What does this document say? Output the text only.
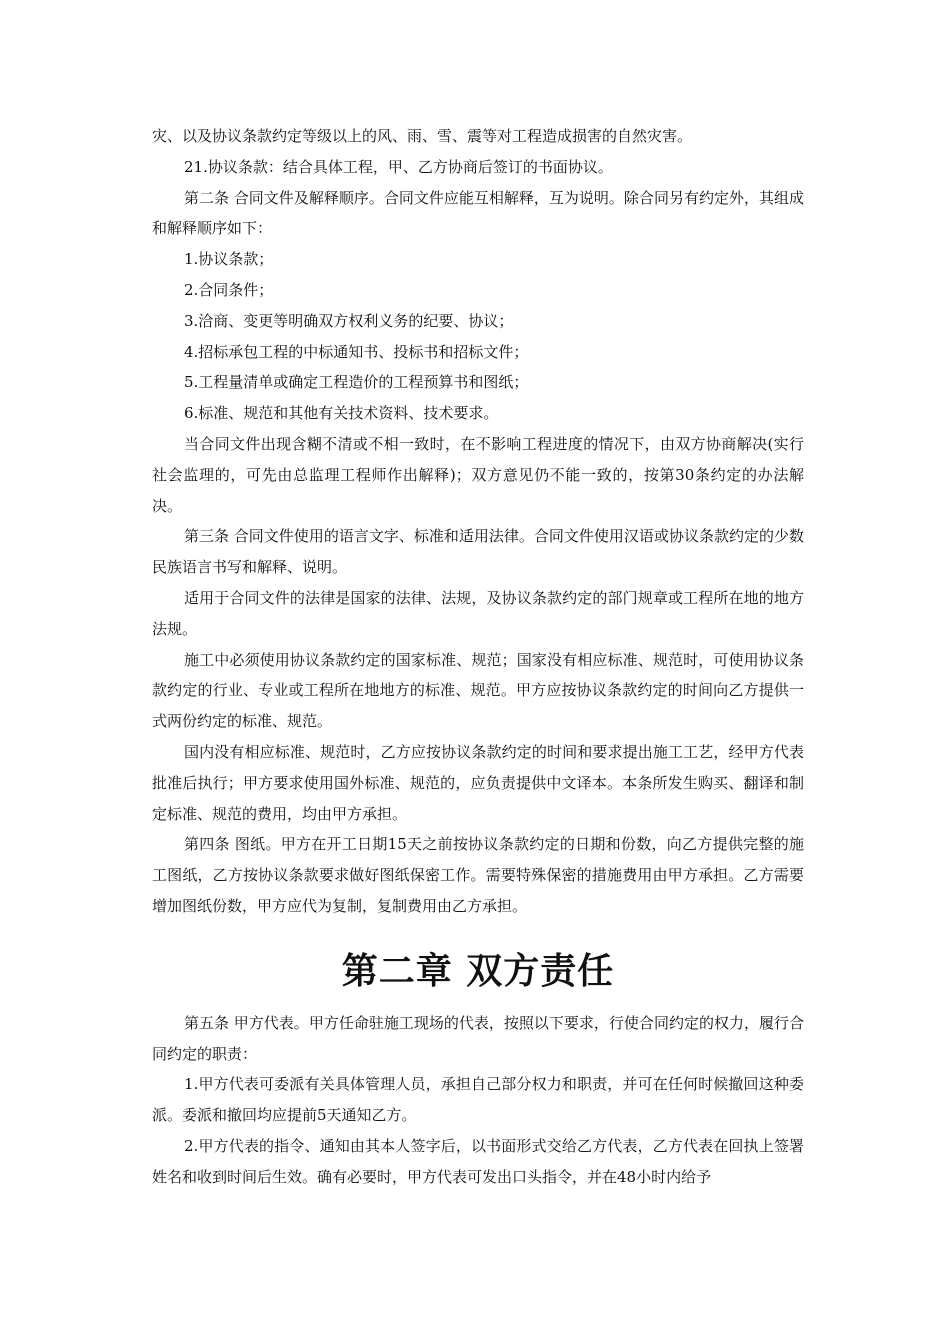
灾、以及协议条款约定等级以上的风、雨、雪、震等对工程造成损害的自然灾害。

21.协议条款：结合具体工程，甲、乙方协商后签订的书面协议。

第二条 合同文件及解释顺序。合同文件应能互相解释，互为说明。除合同另有约定外，其组成和解释顺序如下：

1.协议条款；

2.合同条件；

3.洽商、变更等明确双方权利义务的纪要、协议；

4.招标承包工程的中标通知书、投标书和招标文件；

5.工程量清单或确定工程造价的工程预算书和图纸；

6.标准、规范和其他有关技术资料、技术要求。

当合同文件出现含糊不清或不相一致时，在不影响工程进度的情况下，由双方协商解决(实行社会监理的，可先由总监理工程师作出解释)；双方意见仍不能一致的，按第30条约定的办法解决。

第三条 合同文件使用的语言文字、标准和适用法律。合同文件使用汉语或协议条款约定的少数民族语言书写和解释、说明。

适用于合同文件的法律是国家的法律、法规，及协议条款约定的部门规章或工程所在地的地方法规。

施工中必须使用协议条款约定的国家标准、规范；国家没有相应标准、规范时，可使用协议条款约定的行业、专业或工程所在地地方的标准、规范。甲方应按协议条款约定的时间向乙方提供一式两份约定的标准、规范。

国内没有相应标准、规范时，乙方应按协议条款约定的时间和要求提出施工工艺，经甲方代表批准后执行；甲方要求使用国外标准、规范的，应负责提供中文译本。本条所发生购买、翻译和制定标准、规范的费用，均由甲方承担。

第四条 图纸。甲方在开工日期15天之前按协议条款约定的日期和份数，向乙方提供完整的施工图纸，乙方按协议条款要求做好图纸保密工作。需要特殊保密的措施费用由甲方承担。乙方需要增加图纸份数，甲方应代为复制，复制费用由乙方承担。

第二章 双方责任

第五条 甲方代表。甲方任命驻施工现场的代表，按照以下要求，行使合同约定的权力，履行合同约定的职责：

1.甲方代表可委派有关具体管理人员，承担自己部分权力和职责，并可在任何时候撤回这种委派。委派和撤回均应提前5天通知乙方。

2.甲方代表的指令、通知由其本人签字后，以书面形式交给乙方代表，乙方代表在回执上签署姓名和收到时间后生效。确有必要时，甲方代表可发出口头指令，并在48小时内给予
